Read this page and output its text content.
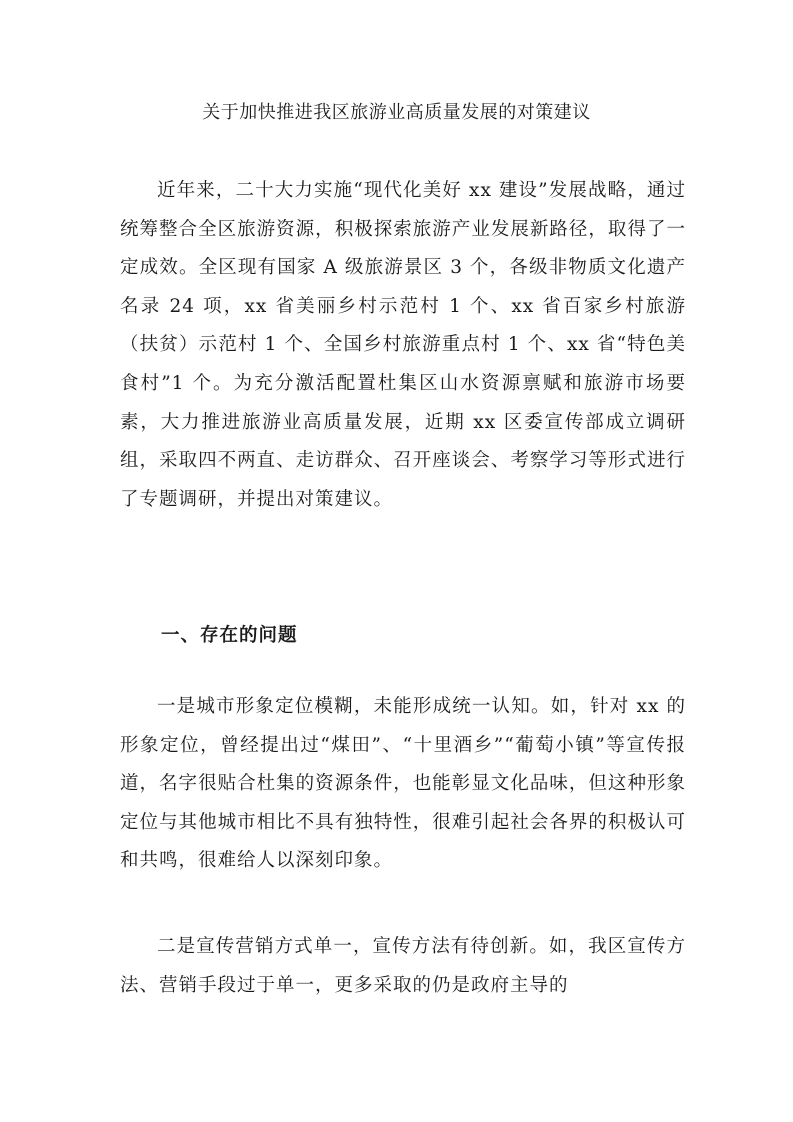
关于加快推进我区旅游业高质量发展的对策建议

近年来，二十大力实施“现代化美好 xx 建设”发展战略，通过统筹整合全区旅游资源，积极探索旅游产业发展新路径，取得了一定成效。全区现有国家 A 级旅游景区 3 个，各级非物质文化遗产名录 24 项，xx 省美丽乡村示范村 1 个、xx 省百家乡村旅游（扶贫）示范村 1 个、全国乡村旅游重点村 1 个、xx 省“特色美食村”1 个。为充分激活配置杜集区山水资源禀赋和旅游市场要素，大力推进旅游业高质量发展，近期 xx 区委宣传部成立调研组，采取四不两直、走访群众、召开座谈会、考察学习等形式进行了专题调研，并提出对策建议。

一、存在的问题

一是城市形象定位模糊，未能形成统一认知。如，针对 xx 的形象定位，曾经提出过“煤田”、“十里酒乡”“葡萄小镇”等宣传报道，名字很贴合杜集的资源条件，也能彰显文化品味，但这种形象定位与其他城市相比不具有独特性，很难引起社会各界的积极认可和共鸣，很难给人以深刻印象。

二是宣传营销方式单一，宣传方法有待创新。如，我区宣传方法、营销手段过于单一，更多采取的仍是政府主导的
